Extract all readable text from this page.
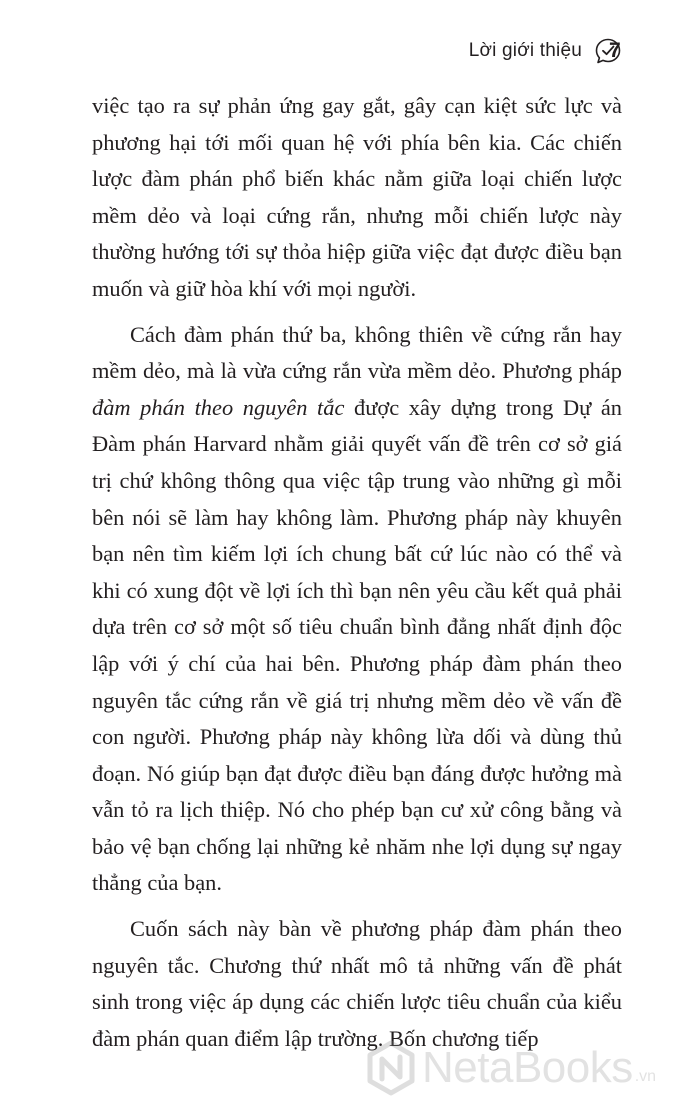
Lời giới thiệu 7

việc tạo ra sự phản ứng gay gắt, gây cạn kiệt sức lực và phương hại tới mối quan hệ với phía bên kia. Các chiến lược đàm phán phổ biến khác nằm giữa loại chiến lược mềm dẻo và loại cứng rắn, nhưng mỗi chiến lược này thường hướng tới sự thỏa hiệp giữa việc đạt được điều bạn muốn và giữ hòa khí với mọi người.

Cách đàm phán thứ ba, không thiên về cứng rắn hay mềm dẻo, mà là vừa cứng rắn vừa mềm dẻo. Phương pháp đàm phán theo nguyên tắc được xây dựng trong Dự án Đàm phán Harvard nhằm giải quyết vấn đề trên cơ sở giá trị chứ không thông qua việc tập trung vào những gì mỗi bên nói sẽ làm hay không làm. Phương pháp này khuyên bạn nên tìm kiếm lợi ích chung bất cứ lúc nào có thể và khi có xung đột về lợi ích thì bạn nên yêu cầu kết quả phải dựa trên cơ sở một số tiêu chuẩn bình đẳng nhất định độc lập với ý chí của hai bên. Phương pháp đàm phán theo nguyên tắc cứng rắn về giá trị nhưng mềm dẻo về vấn đề con người. Phương pháp này không lừa dối và dùng thủ đoạn. Nó giúp bạn đạt được điều bạn đáng được hưởng mà vẫn tỏ ra lịch thiệp. Nó cho phép bạn cư xử công bằng và bảo vệ bạn chống lại những kẻ nhăm nhe lợi dụng sự ngay thẳng của bạn.

Cuốn sách này bàn về phương pháp đàm phán theo nguyên tắc. Chương thứ nhất mô tả những vấn đề phát sinh trong việc áp dụng các chiến lược tiêu chuẩn của kiểu đàm phán quan điểm lập trường. Bốn chương tiếp

NetaBooks .vn
